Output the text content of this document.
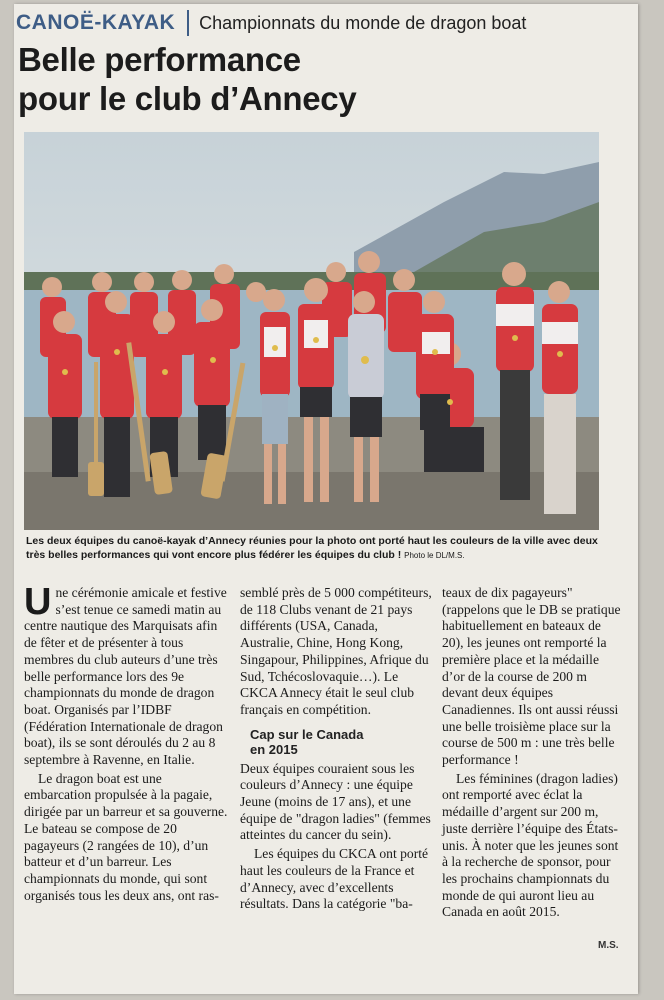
CANOË-KAYAK Championnats du monde de dragon boat
Belle performance
pour le club d’Annecy
Les deux équipes du canoë-kayak d’Annecy réunies pour la photo ont porté haut les couleurs de la ville avec deux très belles performances qui vont encore plus fédérer les équipes du club ! Photo le DL/M.S.

Une cérémonie amicale et festive s’est tenue ce samedi matin au centre nautique des Marquisats afin de fêter et de présenter à tous membres du club auteurs d’une très belle performance lors des 9e championnats du monde de dragon boat. Organisés par l’IDBF (Fédération Internationale de dragon boat), ils se sont déroulés du 2 au 8 septembre à Ravenne, en Italie.

Le dragon boat est une embarcation propulsée à la pagaie, dirigée par un barreur et sa gouverne. Le bateau se compose de 20 pagayeurs (2 rangées de 10), d’un batteur et d’un barreur. Les championnats du monde, qui sont organisés tous les deux ans, ont ras-

semblé près de 5 000 compétiteurs, de 118 Clubs venant de 21 pays différents (USA, Canada, Australie, Chine, Hong Kong, Singapour, Philippines, Afrique du Sud, Tchécoslovaquie…). Le CKCA Annecy était le seul club français en compétition.

Cap sur le Canada
en 2015

Deux équipes couraient sous les couleurs d’Annecy : une équipe Jeune (moins de 17 ans), et une équipe de "dragon ladies" (femmes atteintes du cancer du sein).

Les équipes du CKCA ont porté haut les couleurs de la France et d’Annecy, avec d’excellents résultats. Dans la catégorie "ba-

teaux de dix pagayeurs" (rappelons que le DB se pratique habituellement en bateaux de 20), les jeunes ont remporté la première place et la médaille d’or de la course de 200 m devant deux équipes Canadiennes. Ils ont aussi réussi une belle troisième place sur la course de 500 m : une très belle performance !

Les féminines (dragon ladies) ont remporté avec éclat la médaille d’argent sur 200 m, juste derrière l’équipe des États-unis. À noter que les jeunes sont à la recherche de sponsor, pour les prochains championnats du monde de qui auront lieu au Canada en août 2015.

M.S.
